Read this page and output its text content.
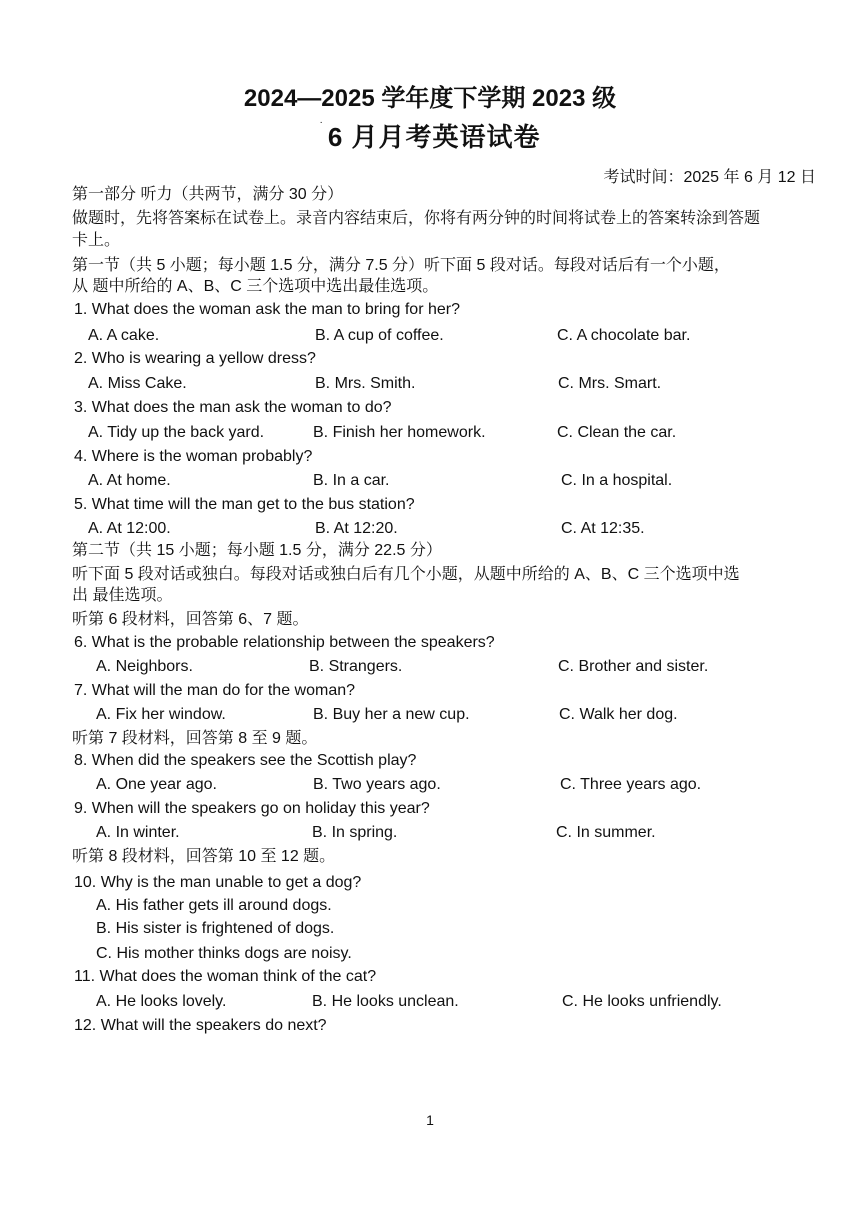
2024—2025 学年度下学期 2023 级
· 6 月月考英语试卷
考试时间：2025 年 6 月 12 日
第一部分 听力（共两节，满分 30 分）
做题时，先将答案标在试卷上。录音内容结束后，你将有两分钟的时间将试卷上的答案转涂到答题
卡上。
第一节（共 5 小题；每小题 1.5 分，满分 7.5 分）听下面 5 段对话。每段对话后有一个小题，
从 题中所给的 A、B、C 三个选项中选出最佳选项。
1. What does the woman ask the man to bring for her?
A. A cake.	B. A cup of coffee.	C. A chocolate bar.
2. Who is wearing a yellow dress?
A. Miss Cake.	B. Mrs. Smith.	C. Mrs. Smart.
3. What does the man ask the woman to do?
A. Tidy up the back yard.	B. Finish her homework.	C. Clean the car.
4. Where is the woman probably?
A. At home.	B. In a car.	C. In a hospital.
5. What time will the man get to the bus station?
A. At 12:00.	B. At 12:20.	C. At 12:35.
第二节（共 15 小题；每小题 1.5 分，满分 22.5 分）
听下面 5 段对话或独白。每段对话或独白后有几个小题，从题中所给的 A、B、C 三个选项中选
出 最佳选项。
听第 6 段材料，回答第 6、7 题。
6. What is the probable relationship between the speakers?
A. Neighbors.	B. Strangers.	C. Brother and sister.
7. What will the man do for the woman?
A. Fix her window.	B. Buy her a new cup.	C. Walk her dog.
听第 7 段材料，回答第 8 至 9 题。
8. When did the speakers see the Scottish play?
A. One year ago.	B. Two years ago.	C. Three years ago.
9. When will the speakers go on holiday this year?
A. In winter.	B. In spring.	C. In summer.
听第 8 段材料，回答第 10 至 12 题。
10. Why is the man unable to get a dog?
A. His father gets ill around dogs.
B. His sister is frightened of dogs.
C. His mother thinks dogs are noisy.
11. What does the woman think of the cat?
A. He looks lovely.	B. He looks unclean.	C. He looks unfriendly.
12. What will the speakers do next?
1
